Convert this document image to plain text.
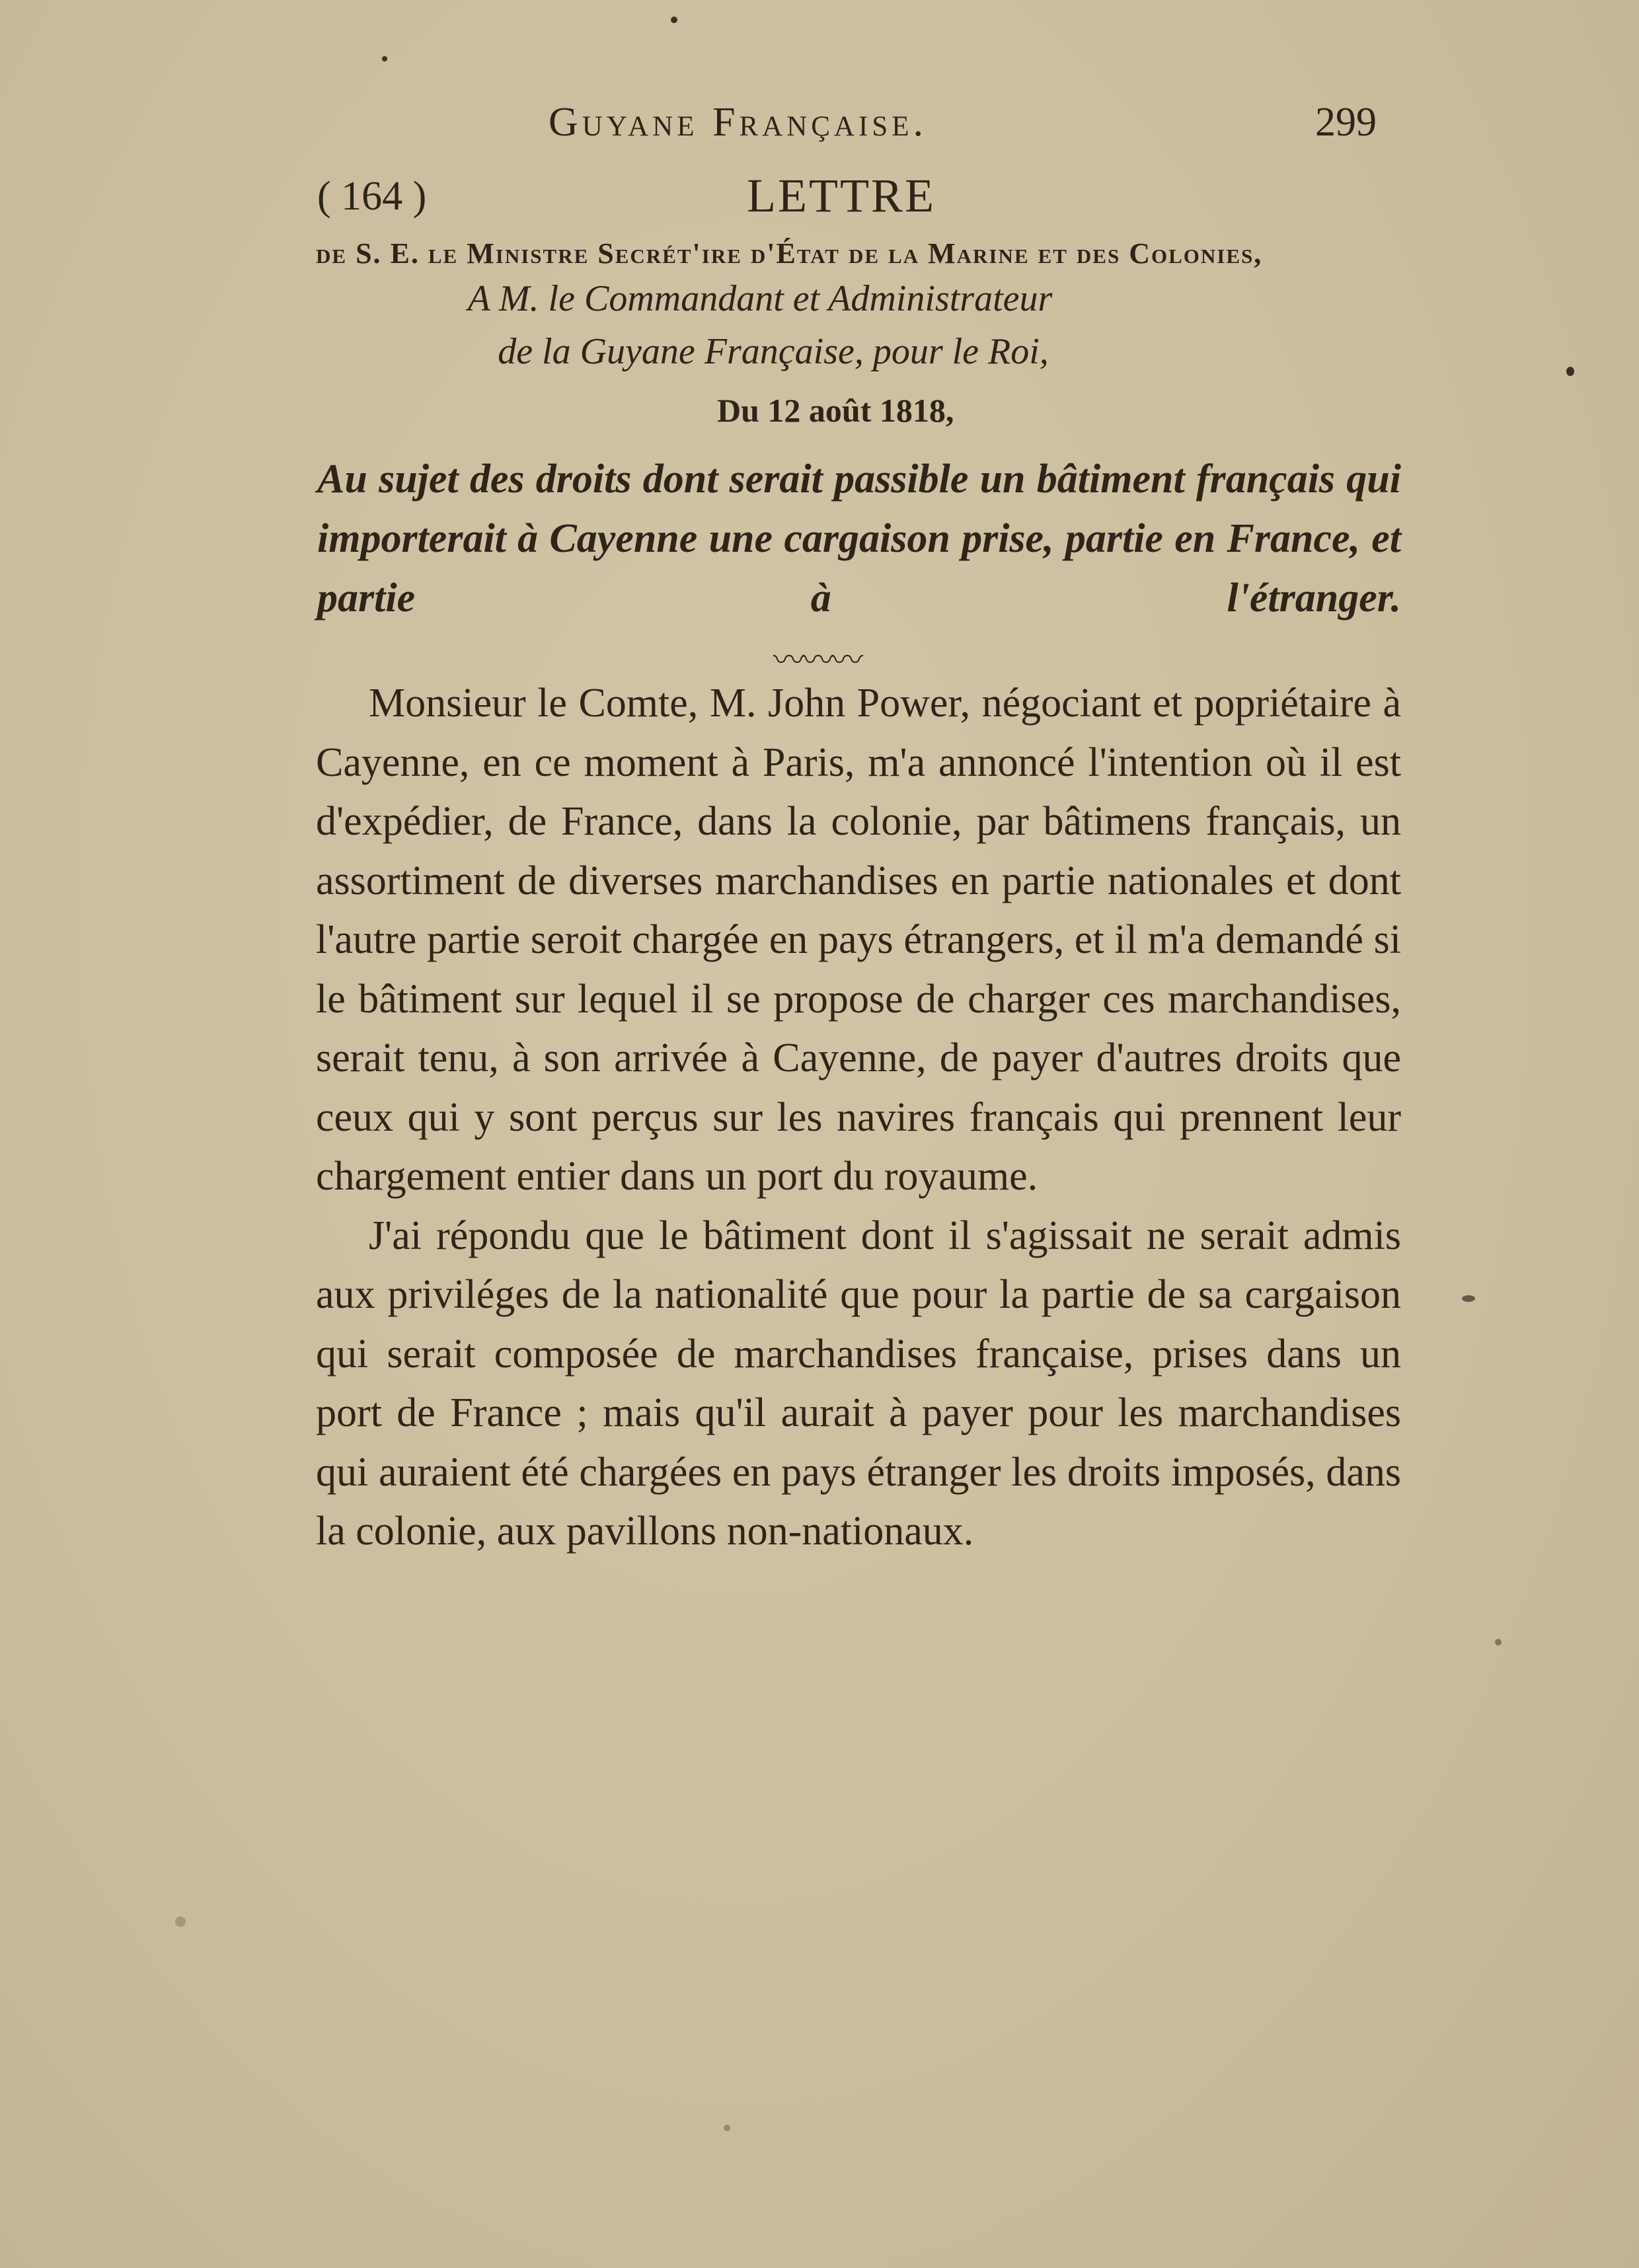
Guyane Française.	299
( 164 )	LETTRE
de S. E. le Ministre Secrét'ire d'État de la Marine et des Colonies,
A M. le Commandant et Administrateur
de la Guyane Française, pour le Roi,
Du 12 août 1818,
Au sujet des droits dont serait passible un bâtiment français qui importerait à Cayenne une cargaison prise, partie en France, et partie à l'étranger.
〰〰〰

Monsieur le Comte, M. John Power, négociant et popriétaire à Cayenne, en ce moment à Paris, m'a annoncé l'intention où il est d'expédier, de France, dans la colonie, par bâtimens français, un assortiment de diverses marchandises en partie nationales et dont l'autre partie seroit chargée en pays étrangers, et il m'a demandé si le bâtiment sur lequel il se propose de charger ces marchandises, serait tenu, à son arrivée à Cayenne, de payer d'autres droits que ceux qui y sont perçus sur les navires français qui prennent leur chargement entier dans un port du royaume.

J'ai répondu que le bâtiment dont il s'agissait ne serait admis aux priviléges de la nationalité que pour la partie de sa cargaison qui serait composée de marchandises française, prises dans un port de France ; mais qu'il aurait à payer pour les marchandises qui auraient été chargées en pays étranger les droits imposés, dans la colonie, aux pavillons non-nationaux.
